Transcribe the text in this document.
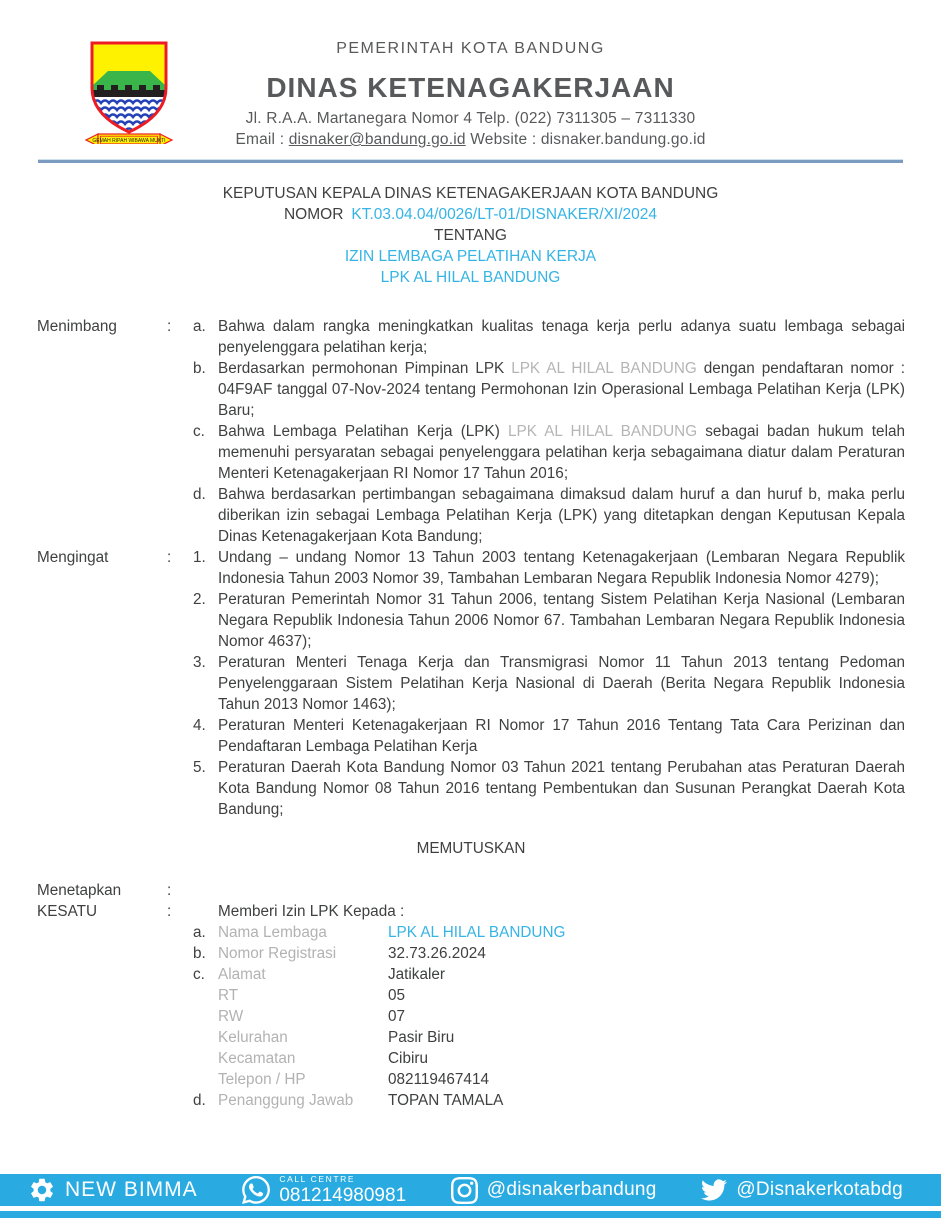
GEMAH RIPAH WIBAWA MUKTI
PEMERINTAH KOTA BANDUNG
DINAS KETENAGAKERJAAN
Jl. R.A.A. Martanegara Nomor 4 Telp. (022) 7311305 – 7311330
Email : disnaker@bandung.go.id Website : disnaker.bandung.go.id
KEPUTUSAN KEPALA DINAS KETENAGAKERJAAN KOTA BANDUNG
NOMOR KT.03.04.04/0026/LT-01/DISNAKER/XI/2024
TENTANG
IZIN LEMBAGA PELATIHAN KERJA
LPK AL HILAL BANDUNG
Menimbang	:	a. Bahwa dalam rangka meningkatkan kualitas tenaga kerja perlu adanya suatu lembaga sebagai penyelenggara pelatihan kerja;

b. Berdasarkan permohonan Pimpinan LPK LPK AL HILAL BANDUNG dengan pendaftaran nomor : 04F9AF tanggal 07-Nov-2024 tentang Permohonan Izin Operasional Lembaga Pelatihan Kerja (LPK) Baru;

c. Bahwa Lembaga Pelatihan Kerja (LPK) LPK AL HILAL BANDUNG sebagai badan hukum telah memenuhi persyaratan sebagai penyelenggara pelatihan kerja sebagaimana diatur dalam Peraturan Menteri Ketenagakerjaan RI Nomor 17 Tahun 2016;

d. Bahwa berdasarkan pertimbangan sebagaimana dimaksud dalam huruf a dan huruf b, maka perlu diberikan izin sebagai Lembaga Pelatihan Kerja (LPK) yang ditetapkan dengan Keputusan Kepala Dinas Ketenagakerjaan Kota Bandung;

Mengingat	:	1. Undang – undang Nomor 13 Tahun 2003 tentang Ketenagakerjaan (Lembaran Negara Republik Indonesia Tahun 2003 Nomor 39, Tambahan Lembaran Negara Republik Indonesia Nomor 4279);

2. Peraturan Pemerintah Nomor 31 Tahun 2006, tentang Sistem Pelatihan Kerja Nasional (Lembaran Negara Republik Indonesia Tahun 2006 Nomor 67. Tambahan Lembaran Negara Republik Indonesia Nomor 4637);

3. Peraturan Menteri Tenaga Kerja dan Transmigrasi Nomor 11 Tahun 2013 tentang Pedoman Penyelenggaraan Sistem Pelatihan Kerja Nasional di Daerah (Berita Negara Republik Indonesia Tahun 2013 Nomor 1463);

4. Peraturan Menteri Ketenagakerjaan RI Nomor 17 Tahun 2016 Tentang Tata Cara Perizinan dan Pendaftaran Lembaga Pelatihan Kerja

5. Peraturan Daerah Kota Bandung Nomor 03 Tahun 2021 tentang Perubahan atas Peraturan Daerah Kota Bandung Nomor 08 Tahun 2016 tentang Pembentukan dan Susunan Perangkat Daerah Kota Bandung;

MEMUTUSKAN
Menetapkan	:
KESATU	:	Memberi Izin LPK Kepada :

a. Nama Lembaga	LPK AL HILAL BANDUNG
b. Nomor Registrasi	32.73.26.2024
c. Alamat	Jatikaler
RT	05
RW	07
Kelurahan	Pasir Biru
Kecamatan	Cibiru
Telepon / HP	082119467414
d. Penanggung Jawab	TOPAN TAMALA
NEW BIMMA	CALL CENTRE
081214980981	@disnakerbandung	@Disnakerkotabdg
